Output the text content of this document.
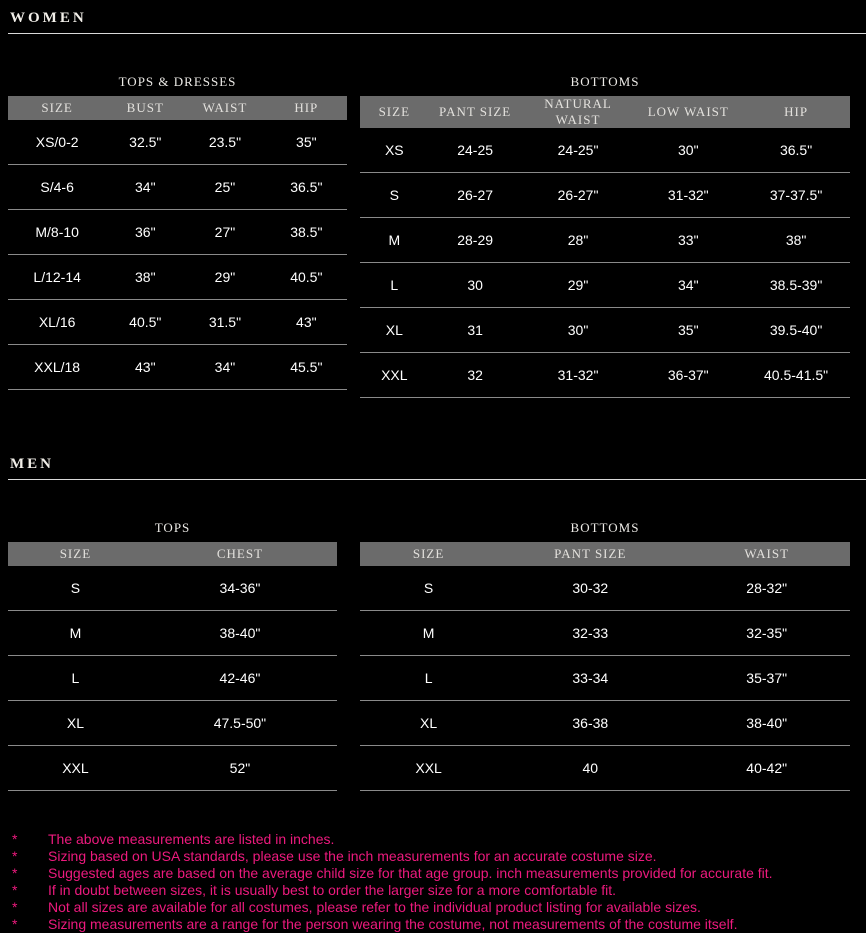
WOMEN
TOPS & DRESSES
SIZE	BUST	WAIST	HIP
XS/0-2	32.5"	23.5"	35"
S/4-6	34"	25"	36.5"
M/8-10	36"	27"	38.5"
L/12-14	38"	29"	40.5"
XL/16	40.5"	31.5"	43"
XXL/18	43"	34"	45.5"
BOTTOMS
SIZE	PANT SIZE	NATURAL WAIST	LOW WAIST	HIP
XS	24-25	24-25"	30"	36.5"
S	26-27	26-27"	31-32"	37-37.5"
M	28-29	28"	33"	38"
L	30	29"	34"	38.5-39"
XL	31	30"	35"	39.5-40"
XXL	32	31-32"	36-37"	40.5-41.5"
MEN
TOPS
SIZE	CHEST
S	34-36"
M	38-40"
L	42-46"
XL	47.5-50"
XXL	52"
BOTTOMS
SIZE	PANT SIZE	WAIST
S	30-32	28-32"
M	32-33	32-35"
L	33-34	35-37"
XL	36-38	38-40"
XXL	40	40-42"
*	The above measurements are listed in inches.
*	Sizing based on USA standards, please use the inch measurements for an accurate costume size.
*	Suggested ages are based on the average child size for that age group. inch measurements provided for accurate fit.
*	If in doubt between sizes, it is usually best to order the larger size for a more comfortable fit.
*	Not all sizes are available for all costumes, please refer to the individual product listing for available sizes.
*	Sizing measurements are a range for the person wearing the costume, not measurements of the costume itself.
